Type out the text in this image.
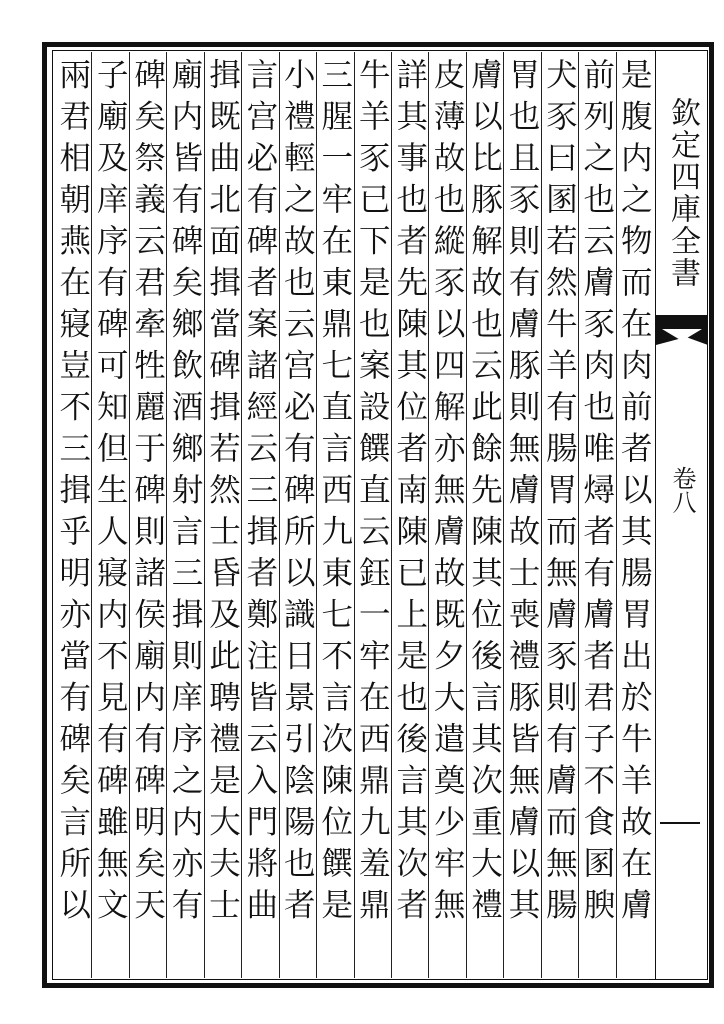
欽定四庫全書
卷八
是腹内之物而在肉前者以其腸胃出於牛羊故在膚
前列之也云膚豕肉也唯燖者有膚者君子不食圂腴
犬豕曰圂若然牛羊有腸胃而無膚豕則有膚而無腸
胃也且豕則有膚豚則無膚故士喪禮豚皆無膚以其
膚以比豚解故也云此餘先陳其位後言其次重大禮
皮薄故也縱豕以四解亦無膚故既夕大遣奠少牢無
詳其事也者先陳其位者南陳已上是也後言其次者
牛羊豕已下是也案設饌直云鈺一牢在西鼎九羞鼎
三腥一牢在東鼎七直言西九東七不言次陳位饌是
小禮輕之故也云宫必有碑所以識日景引陰陽也者
言宫必有碑者案諸經云三揖者鄭注皆云入門將曲
揖既曲北面揖當碑揖若然士昏及此聘禮是大夫士
廟内皆有碑矣鄉飲酒鄉射言三揖則庠序之内亦有
碑矣祭義云君牽牲麗于碑則諸侯廟内有碑明矣天
子廟及庠序有碑可知但生人寢内不見有碑雖無文
兩君相朝燕在寢豈不三揖乎明亦當有碑矣言所以
